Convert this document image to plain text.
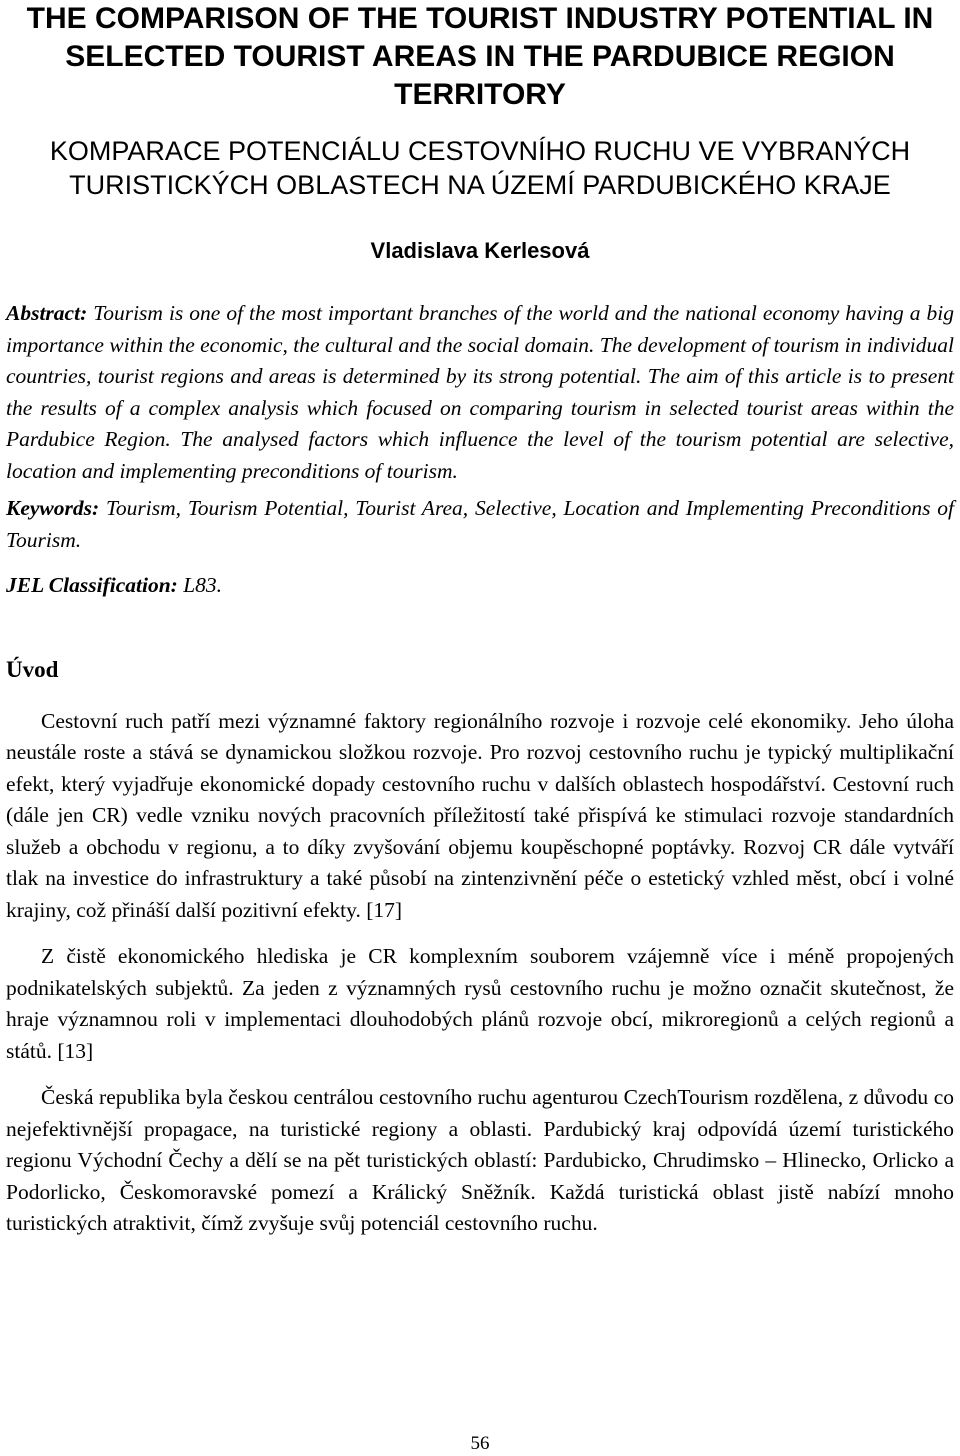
THE COMPARISON OF THE TOURIST INDUSTRY POTENTIAL IN SELECTED TOURIST AREAS IN THE PARDUBICE REGION TERRITORY
KOMPARACE POTENCIÁLU CESTOVNÍHO RUCHU VE VYBRANÝCH TURISTICKÝCH OBLASTECH NA ÚZEMÍ PARDUBICKÉHO KRAJE
Vladislava Kerlesová

Abstract: Tourism is one of the most important branches of the world and the national economy having a big importance within the economic, the cultural and the social domain. The development of tourism in individual countries, tourist regions and areas is determined by its strong potential. The aim of this article is to present the results of a complex analysis which focused on comparing tourism in selected tourist areas within the Pardubice Region. The analysed factors which influence the level of the tourism potential are selective, location and implementing preconditions of tourism.

Keywords: Tourism, Tourism Potential, Tourist Area, Selective, Location and Implementing Preconditions of Tourism.

JEL Classification: L83.

Úvod

Cestovní ruch patří mezi významné faktory regionálního rozvoje i rozvoje celé ekonomiky. Jeho úloha neustále roste a stává se dynamickou složkou rozvoje. Pro rozvoj cestovního ruchu je typický multiplikační efekt, který vyjadřuje ekonomické dopady cestovního ruchu v dalších oblastech hospodářství. Cestovní ruch (dále jen CR) vedle vzniku nových pracovních příležitostí také přispívá ke stimulaci rozvoje standardních služeb a obchodu v regionu, a to díky zvyšování objemu koupěschopné poptávky. Rozvoj CR dále vytváří tlak na investice do infrastruktury a také působí na zintenzivnění péče o estetický vzhled měst, obcí i volné krajiny, což přináší další pozitivní efekty. [17]

Z čistě ekonomického hlediska je CR komplexním souborem vzájemně více i méně propojených podnikatelských subjektů. Za jeden z významných rysů cestovního ruchu je možno označit skutečnost, že hraje významnou roli v implementaci dlouhodobých plánů rozvoje obcí, mikroregionů a celých regionů a států. [13]

Česká republika byla českou centrálou cestovního ruchu agenturou CzechTourism rozdělena, z důvodu co nejefektivnější propagace, na turistické regiony a oblasti. Pardubický kraj odpovídá území turistického regionu Východní Čechy a dělí se na pět turistických oblastí: Pardubicko, Chrudimsko – Hlinecko, Orlicko a Podorlicko, Českomoravské pomezí a Králický Sněžník. Každá turistická oblast jistě nabízí mnoho turistických atraktivit, čímž zvyšuje svůj potenciál cestovního ruchu.

56
